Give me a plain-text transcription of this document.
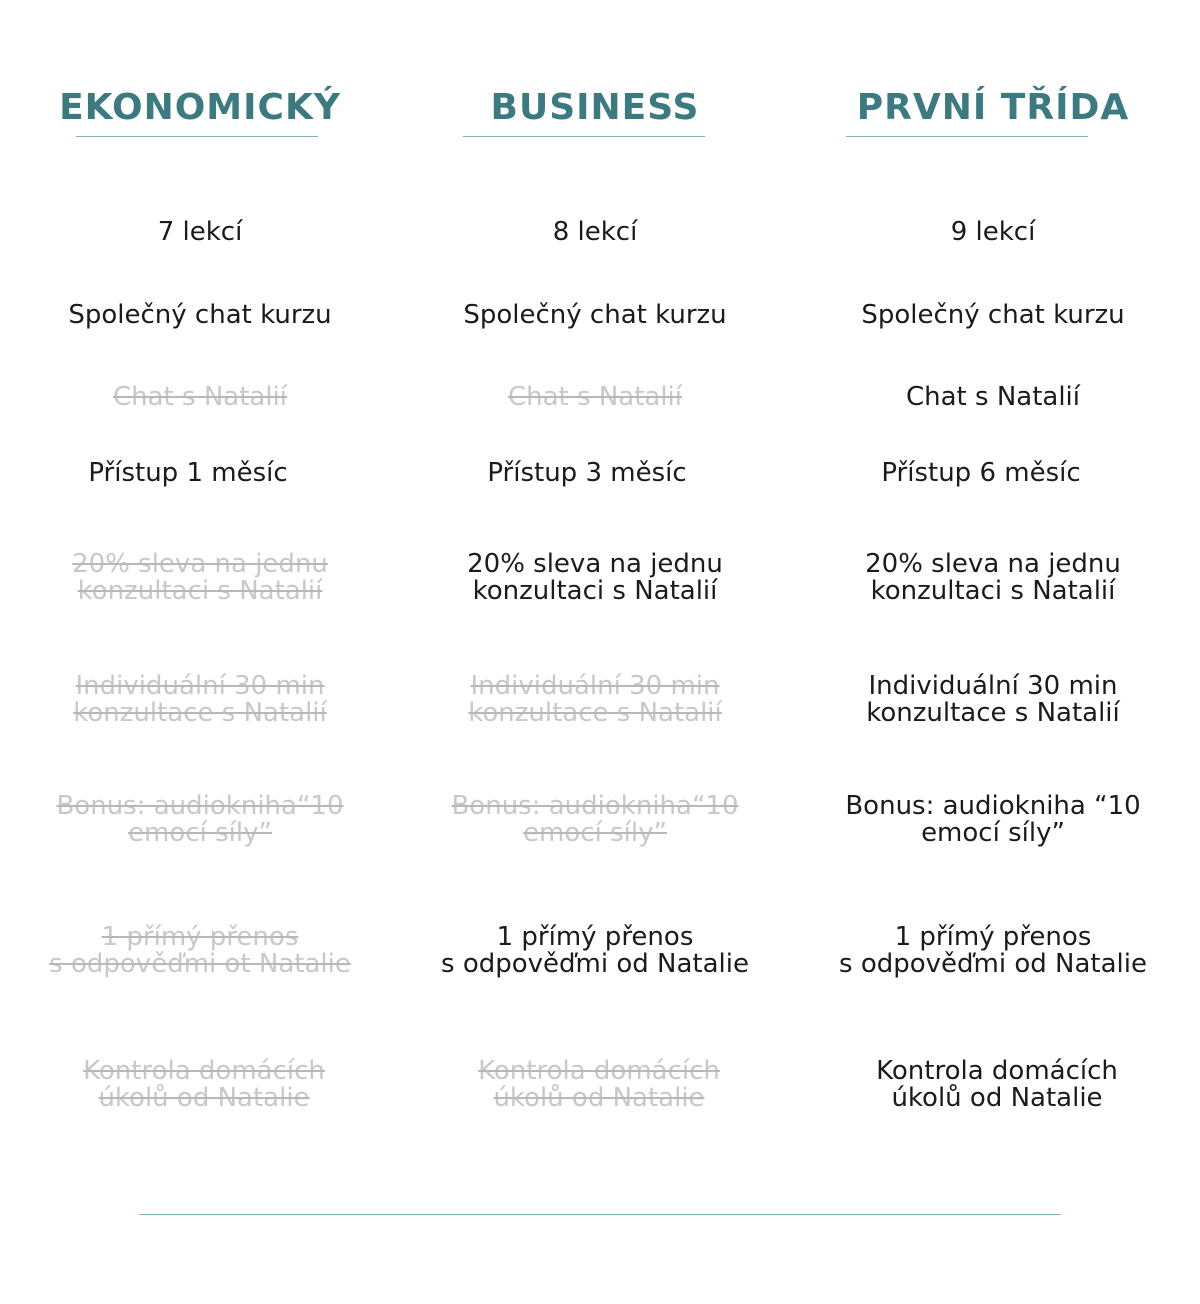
EKONOMICKÝ

7 lekcí

Společný chat kurzu

Chat s Natalií

Přístup 1 měsíc

20% sleva na jednu
konzultaci s Natalií

Individuální 30 min
konzultace s Natalií

Bonus: audiokniha“10
emocí síly”

1 přímý přenos
s odpověďmi ot Natalie

Kontrola domácích
úkolů od Natalie

BUSINESS

8 lekcí

Společný chat kurzu

Chat s Natalií

Přístup 3 měsíc

20% sleva na jednu
konzultaci s Natalií

Individuální 30 min
konzultace s Natalií

Bonus: audiokniha“10
emocí síly”

1 přímý přenos
s odpověďmi od Natalie

Kontrola domácích
úkolů od Natalie

PRVNÍ TŘÍDA

9 lekcí

Společný chat kurzu

Chat s Natalií

Přístup 6 měsíc

20% sleva na jednu
konzultaci s Natalií

Individuální 30 min
konzultace s Natalií

Bonus: audiokniha “10
emocí síly”

1 přímý přenos
s odpověďmi od Natalie

Kontrola domácích
úkolů od Natalie
